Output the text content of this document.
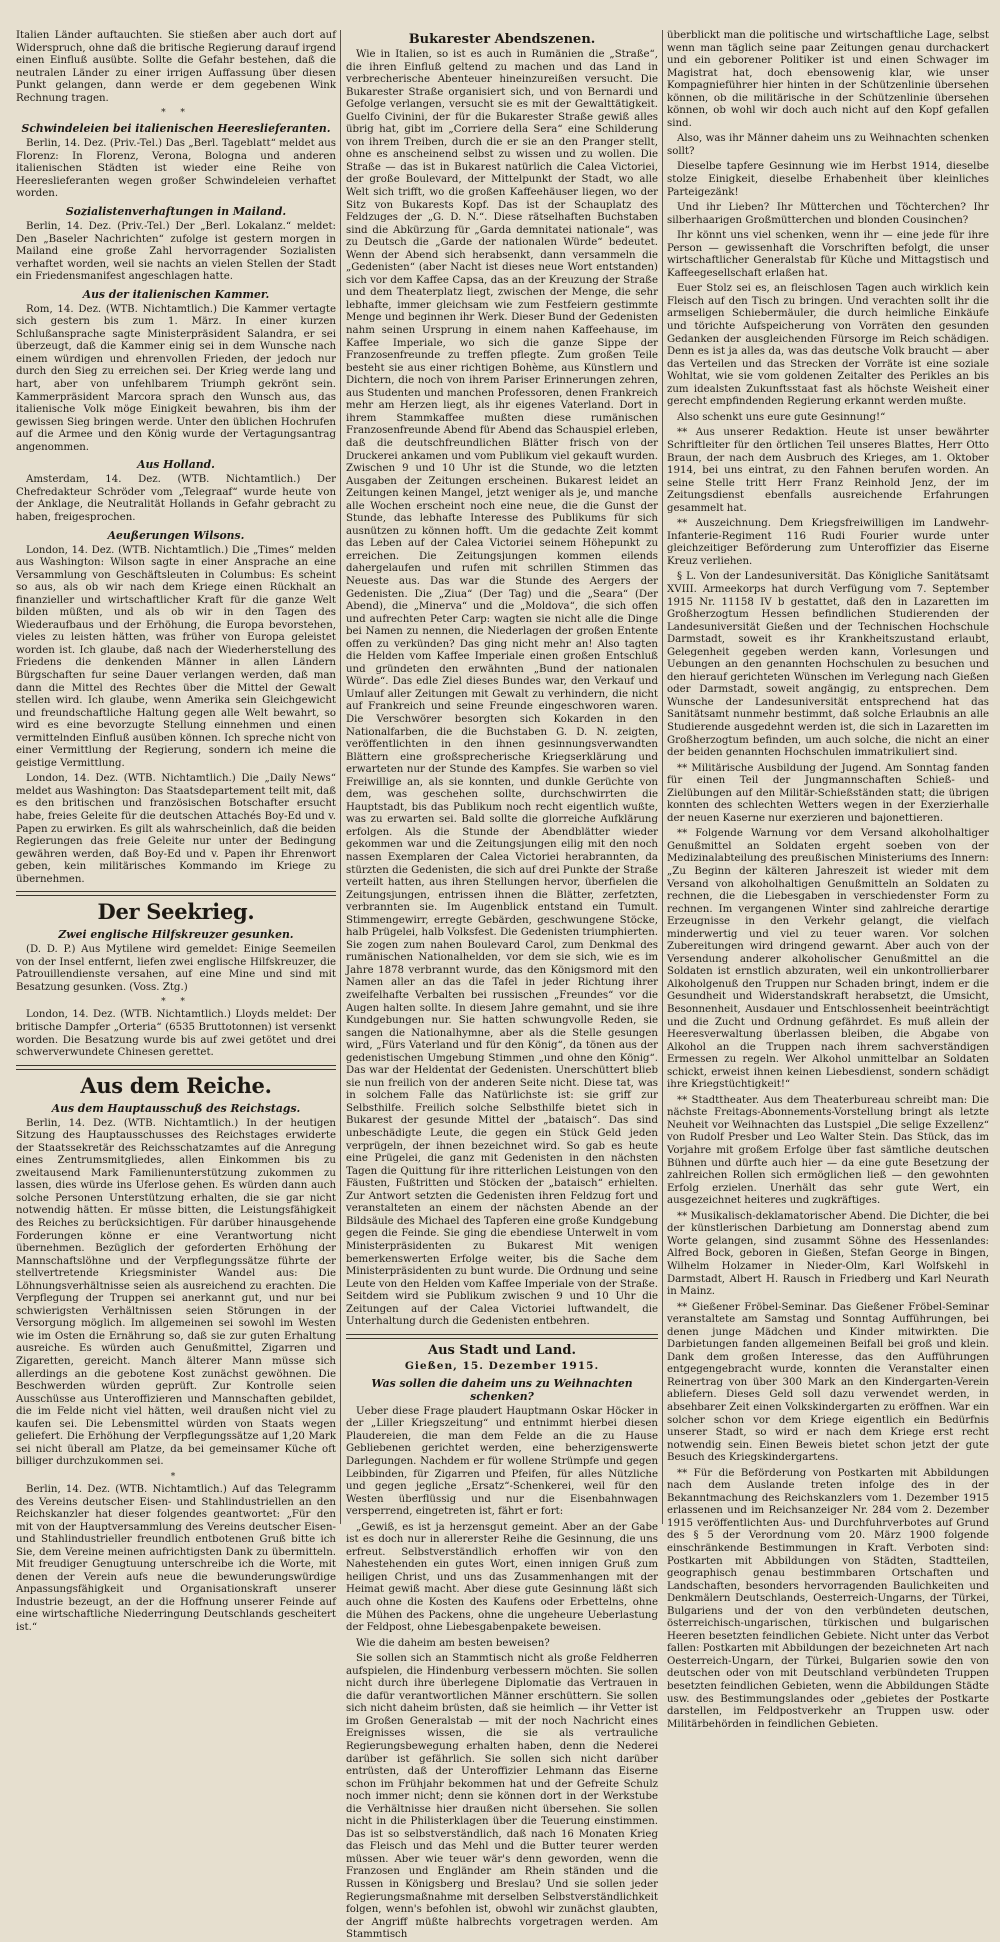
Italien Länder auftauchten. Sie stießen aber auch dort auf Widerspruch, ohne daß die britische Regierung darauf irgend einen Einfluß ausübte. Sollte die Gefahr bestehen, daß die neutralen Länder zu einer irrigen Auffassung über diesen Punkt gelangen, dann werde er dem gegebenen Wink Rechnung tragen.

* *
Schwindeleien bei italienischen Heereslieferanten.

Berlin, 14. Dez. (Priv.-Tel.) Das „Berl. Tageblatt“ meldet aus Florenz: In Florenz, Verona, Bologna und anderen italienischen Städten ist wieder eine Reihe von Heereslieferanten wegen großer Schwindeleien verhaftet worden.

Sozialistenverhaftungen in Mailand.

Berlin, 14. Dez. (Priv.-Tel.) Der „Berl. Lokalanz.“ meldet: Den „Baseler Nachrichten“ zufolge ist gestern morgen in Mailand eine große Zahl hervorragender Sozialisten verhaftet worden, weil sie nachts an vielen Stellen der Stadt ein Friedensmanifest angeschlagen hatte.

Aus der italienischen Kammer.

Rom, 14. Dez. (WTB. Nichtamtlich.) Die Kammer vertagte sich gestern bis zum 1. März. In einer kurzen Schlußansprache sagte Ministerpräsident Salandra, er sei überzeugt, daß die Kammer einig sei in dem Wunsche nach einem würdigen und ehrenvollen Frieden, der jedoch nur durch den Sieg zu erreichen sei. Der Krieg werde lang und hart, aber von unfehlbarem Triumph gekrönt sein. Kammerpräsident Marcora sprach den Wunsch aus, das italienische Volk möge Einigkeit bewahren, bis ihm der gewissen Sieg bringen werde. Unter den üblichen Hochrufen auf die Armee und den König wurde der Vertagungsantrag angenommen.

Aus Holland.

Amsterdam, 14. Dez. (WTB. Nichtamtlich.) Der Chefredakteur Schröder vom „Telegraaf“ wurde heute von der Anklage, die Neutralität Hollands in Gefahr gebracht zu haben, freigesprochen.

Aeußerungen Wilsons.

London, 14. Dez. (WTB. Nichtamtlich.) Die „Times“ melden aus Washington: Wilson sagte in einer Ansprache an eine Versammlung von Geschäftsleuten in Columbus: Es scheint so aus, als ob wir nach dem Kriege einen Rückhalt an finanzieller und wirtschaftlicher Kraft für die ganze Welt bilden müßten, und als ob wir in den Tagen des Wiederaufbaus und der Erhöhung, die Europa bevorstehen, vieles zu leisten hätten, was früher von Europa geleistet worden ist. Ich glaube, daß nach der Wiederherstellung des Friedens die denkenden Männer in allen Ländern Bürgschaften fur seine Dauer verlangen werden, daß man dann die Mittel des Rechtes über die Mittel der Gewalt stellen wird. Ich glaube, wenn Amerika sein Gleichgewicht und freundschaftliche Haltung gegen alle Welt bewahrt, so wird es eine bevorzugte Stellung einnehmen und einen vermittelnden Einfluß ausüben können. Ich spreche nicht von einer Vermittlung der Regierung, sondern ich meine die geistige Vermittlung.

London, 14. Dez. (WTB. Nichtamtlich.) Die „Daily News“ meldet aus Washington: Das Staatsdepartement teilt mit, daß es den britischen und französischen Botschafter ersucht habe, freies Geleite für die deutschen Attachés Boy-Ed und v. Papen zu erwirken. Es gilt als wahrscheinlich, daß die beiden Regierungen das freie Geleite nur unter der Bedingung gewähren werden, daß Boy-Ed und v. Papen ihr Ehrenwort geben, kein militärisches Kommando im Kriege zu übernehmen.

Der Seekrieg.
Zwei englische Hilfskreuzer gesunken.

(D. D. P.) Aus Mytilene wird gemeldet: Einige Seemeilen von der Insel entfernt, liefen zwei englische Hilfskreuzer, die Patrouillendienste versahen, auf eine Mine und sind mit Besatzung gesunken. (Voss. Ztg.)

* *

London, 14. Dez. (WTB. Nichtamtlich.) Lloyds meldet: Der britische Dampfer „Orteria“ (6535 Bruttotonnen) ist versenkt worden. Die Besatzung wurde bis auf zwei getötet und drei schwerverwundete Chinesen gerettet.

Aus dem Reiche.
Aus dem Hauptausschuß des Reichstags.

Berlin, 14. Dez. (WTB. Nichtamtlich.) In der heutigen Sitzung des Hauptausschusses des Reichstages erwiderte der Staatssekretär des Reichsschatzamtes auf die Anregung eines Zentrumsmitgliedes, allen Einkommen bis zu zweitausend Mark Familienunterstützung zukommen zu lassen, dies würde ins Uferlose gehen. Es würden dann auch solche Personen Unterstützung erhalten, die sie gar nicht notwendig hätten. Er müsse bitten, die Leistungsfähigkeit des Reiches zu berücksichtigen. Für darüber hinausgehende Forderungen könne er eine Verantwortung nicht übernehmen. Bezüglich der geforderten Erhöhung der Mannschaftslöhne und der Verpflegungssätze führte der stellvertretende Kriegsminister Wandel aus: Die Löhnungsverhältnisse seien als ausreichend zu erachten. Die Verpflegung der Truppen sei anerkannt gut, und nur bei schwierigsten Verhältnissen seien Störungen in der Versorgung möglich. Im allgemeinen sei sowohl im Westen wie im Osten die Ernährung so, daß sie zur guten Erhaltung ausreiche. Es würden auch Genußmittel, Zigarren und Zigaretten, gereicht. Manch älterer Mann müsse sich allerdings an die gebotene Kost zunächst gewöhnen. Die Beschwerden würden geprüft. Zur Kontrolle seien Ausschüsse aus Unteroffizieren und Mannschaften gebildet, die im Felde nicht viel hätten, weil draußen nicht viel zu kaufen sei. Die Lebensmittel würden von Staats wegen geliefert. Die Erhöhung der Verpflegungssätze auf 1,20 Mark sei nicht überall am Platze, da bei gemeinsamer Küche oft billiger durchzukommen sei.

*

Berlin, 14. Dez. (WTB. Nichtamtlich.) Auf das Telegramm des Vereins deutscher Eisen- und Stahlindustriellen an den Reichskanzler hat dieser folgendes geantwortet: „Für den mit von der Hauptversammlung des Vereins deutscher Eisen- und Stahlindustrieller freundlich entbotenen Gruß bitte ich Sie, dem Vereine meinen aufrichtigsten Dank zu übermitteln. Mit freudiger Genugtuung unterschreibe ich die Worte, mit denen der Verein aufs neue die bewunderungswürdige Anpassungsfähigkeit und Organisationskraft unserer Industrie bezeugt, an der die Hoffnung unserer Feinde auf eine wirtschaftliche Niederringung Deutschlands gescheitert ist.“

Bukarester Abendszenen.

Wie in Italien, so ist es auch in Rumänien die „Straße“, die ihren Einfluß geltend zu machen und das Land in verbrecherische Abenteuer hineinzureißen versucht. Die Bukarester Straße organisiert sich, und von Bernardi und Gefolge verlangen, versucht sie es mit der Gewalttätigkeit. Guelfo Civinini, der für die Bukarester Straße gewiß alles übrig hat, gibt im „Corriere della Sera“ eine Schilderung von ihrem Treiben, durch die er sie an den Pranger stellt, ohne es anscheinend selbst zu wissen und zu wollen. Die Straße — das ist in Bukarest natürlich die Calea Victoriei, der große Boulevard, der Mittelpunkt der Stadt, wo alle Welt sich trifft, wo die großen Kaffeehäuser liegen, wo der Sitz von Bukarests Kopf. Das ist der Schauplatz des Feldzuges der „G. D. N.“. Diese rätselhaften Buchstaben sind die Abkürzung für „Garda demnitatei nationale“, was zu Deutsch die „Garde der nationalen Würde“ bedeutet. Wenn der Abend sich herabsenkt, dann versammeln die „Gedenisten“ (aber Nacht ist dieses neue Wort entstanden) sich vor dem Kaffee Capsa, das an der Kreuzung der Straße und dem Theaterplatz liegt, zwischen der Menge, die sehr lebhafte, immer gleichsam wie zum Festfeiern gestimmte Menge und beginnen ihr Werk. Dieser Bund der Gedenisten nahm seinen Ursprung in einem nahen Kaffeehause, im Kaffee Imperiale, wo sich die ganze Sippe der Franzosenfreunde zu treffen pflegte. Zum großen Teile besteht sie aus einer richtigen Bohème, aus Künstlern und Dichtern, die noch von ihrem Pariser Erinnerungen zehren, aus Studenten und manchen Professoren, denen Frankreich mehr am Herzen liegt, als ihr eigenes Vaterland. Dort in ihrem Stammkaffee mußten diese rumänischen Franzosenfreunde Abend für Abend das Schauspiel erleben, daß die deutschfreundlichen Blätter frisch von der Druckerei ankamen und vom Publikum viel gekauft wurden. Zwischen 9 und 10 Uhr ist die Stunde, wo die letzten Ausgaben der Zeitungen erscheinen. Bukarest leidet an Zeitungen keinen Mangel, jetzt weniger als je, und manche alle Wochen erscheint noch eine neue, die die Gunst der Stunde, das lebhafte Interesse des Publikums für sich ausnützen zu können hofft. Um die gedachte Zeit kommt das Leben auf der Calea Victoriei seinem Höhepunkt zu erreichen. Die Zeitungsjungen kommen eilends dahergelaufen und rufen mit schrillen Stimmen das Neueste aus. Das war die Stunde des Aergers der Gedenisten. Die „Ziua“ (Der Tag) und die „Seara“ (Der Abend), die „Minerva“ und die „Moldova“, die sich offen und aufrechten Peter Carp: wagten sie nicht alle die Dinge bei Namen zu nennen, die Niederlagen der großen Entente offen zu verkünden? Das ging nicht mehr an! Also tagten die Helden vom Kaffee Imperiale einen großen Entschluß und gründeten den erwähnten „Bund der nationalen Würde“. Das edle Ziel dieses Bundes war, den Verkauf und Umlauf aller Zeitungen mit Gewalt zu verhindern, die nicht auf Frankreich und seine Freunde eingeschworen waren. Die Verschwörer besorgten sich Kokarden in den Nationalfarben, die die Buchstaben G. D. N. zeigten, veröffentlichten in den ihnen gesinnungsverwandten Blättern eine großsprecherische Kriegserklärung und erwarteten nur der Stunde des Kampfes. Sie warben so viel Freiwillige an, als sie konnten, und dunkle Gerüchte von dem, was geschehen sollte, durchschwirrten die Hauptstadt, bis das Publikum noch recht eigentlich wußte, was zu erwarten sei. Bald sollte die glorreiche Aufklärung erfolgen. Als die Stunde der Abendblätter wieder gekommen war und die Zeitungsjungen eilig mit den noch nassen Exemplaren der Calea Victoriei herabrannten, da stürzten die Gedenisten, die sich auf drei Punkte der Straße verteilt hatten, aus ihren Stellungen hervor, überfielen die Zeitungsjungen, entrissen ihnen die Blätter, zerfetzten, verbrannten sie. Im Augenblick entstand ein Tumult. Stimmengewirr, erregte Gebärden, geschwungene Stöcke, halb Prügelei, halb Volksfest. Die Gedenisten triumphierten. Sie zogen zum nahen Boulevard Carol, zum Denkmal des rumänischen Nationalhelden, vor dem sie sich, wie es im Jahre 1878 verbrannt wurde, das den Königsmord mit den Namen aller an das die Tafel in jeder Richtung ihrer zweifelhafte Verbalten bei russischen „Freundes“ vor die Augen halten sollte. In diesem Jahre gemahnt, und sie ihre Kundgebungen nur. Sie hatten schwungvolle Reden, sie sangen die Nationalhymne, aber als die Stelle gesungen wird, „Fürs Vaterland und für den König“, da tönen aus der gedenistischen Umgebung Stimmen „und ohne den König“. Das war der Heldentat der Gedenisten. Unerschüttert blieb sie nun freilich von der anderen Seite nicht. Diese tat, was in solchem Falle das Natürlichste ist: sie griff zur Selbsthilfe. Freilich solche Selbsthilfe bietet sich in Bukarest der gesunde Mittel der „bataisch“. Das sind unbeschädigte Leute, die gegen ein Stück Geld jeden verprügeln, der ihnen bezeichnet wird. So gab es heute eine Prügelei, die ganz mit Gedenisten in den nächsten Tagen die Quittung für ihre ritterlichen Leistungen von den Fäusten, Fußtritten und Stöcken der „bataisch“ erhielten. Zur Antwort setzten die Gedenisten ihren Feldzug fort und veranstalteten an einem der nächsten Abende an der Bildsäule des Michael des Tapferen eine große Kundgebung gegen die Feinde. Sie ging die ebendiese Unterwelt in vom Ministerpräsidenten zu Bukarest Mit wenigen bemerkenswerten Erfolge weiter, bis die Sache dem Ministerpräsidenten zu bunt wurde. Die Ordnung und seine Leute von den Helden vom Kaffee Imperiale von der Straße. Seitdem wird sie Publikum zwischen 9 und 10 Uhr die Zeitungen auf der Calea Victoriei luftwandelt, die Unterhaltung durch die Gedenisten entbehren.

Aus Stadt und Land.
Gießen, 15. Dezember 1915.
Was sollen die daheim uns zu Weihnachten schenken?

Ueber diese Frage plaudert Hauptmann Oskar Höcker in der „Liller Kriegszeitung“ und entnimmt hierbei diesen Plaudereien, die man dem Felde an die zu Hause Gebliebenen gerichtet werden, eine beherzigenswerte Darlegungen. Nachdem er für wollene Strümpfe und gegen Leibbinden, für Zigarren und Pfeifen, für alles Nützliche und gegen jegliche „Ersatz“-Schenkerei, weil für den Westen überflüssig und nur die Eisenbahnwagen versperrend, eingetreten ist, fährt er fort:

„Gewiß, es ist ja herzensgut gemeint. Aber an der Gabe ist es doch nur in allererster Reihe die Gesinnung, die uns erfreut. Selbstverständlich erhoffen wir von den Nahestehenden ein gutes Wort, einen innigen Gruß zum heiligen Christ, und uns das Zusammenhangen mit der Heimat gewiß macht. Aber diese gute Gesinnung läßt sich auch ohne die Kosten des Kaufens oder Erbettelns, ohne die Mühen des Packens, ohne die ungeheure Ueberlastung der Feldpost, ohne Liebesgabenpakete beweisen.

Wie die daheim am besten beweisen?

Sie sollen sich an Stammtisch nicht als große Feldherren aufspielen, die Hindenburg verbessern möchten. Sie sollen nicht durch ihre überlegene Diplomatie das Vertrauen in die dafür verantwortlichen Männer erschüttern. Sie sollen sich nicht daheim brüsten, daß sie heimlich — ihr Vetter ist im Großen Generalstab — mit der noch Nachricht eines Ereignisses wissen, die sie als vertrauliche Regierungsbewegung erhalten haben, denn die Nederei darüber ist gefährlich. Sie sollen sich nicht darüber entrüsten, daß der Unteroffizier Lehmann das Eiserne schon im Frühjahr bekommen hat und der Gefreite Schulz noch immer nicht; denn sie können dort in der Werkstube die Verhältnisse hier draußen nicht übersehen. Sie sollen nicht in die Philisterklagen über die Teuerung einstimmen. Das ist so selbstverständlich, daß nach 16 Monaten Krieg das Fleisch und das Mehl und die Butter teurer werden müssen. Aber wie teuer wär's denn geworden, wenn die Franzosen und Engländer am Rhein ständen und die Russen in Königsberg und Breslau? Und sie sollen jeder Regierungsmaßnahme mit derselben Selbstverständlichkeit folgen, wenn's befohlen ist, obwohl wir zunächst glaubten, der Angriff müßte halbrechts vorgetragen werden. Am Stammtisch

überblickt man die politische und wirtschaftliche Lage, selbst wenn man täglich seine paar Zeitungen genau durchackert und ein geborener Politiker ist und einen Schwager im Magistrat hat, doch ebensowenig klar, wie unser Kompagnieführer hier hinten in der Schützenlinie übersehen können, ob die militärische in der Schützenlinie übersehen können, ob wohl wir doch auch nicht auf den Kopf gefallen sind.

Also, was ihr Männer daheim uns zu Weihnachten schenken sollt?

Dieselbe tapfere Gesinnung wie im Herbst 1914, dieselbe stolze Einigkeit, dieselbe Erhabenheit über kleinliches Parteigezänk!

Und ihr Lieben? Ihr Mütterchen und Töchterchen? Ihr silberhaarigen Großmütterchen und blonden Cousinchen?

Ihr könnt uns viel schenken, wenn ihr — eine jede für ihre Person — gewissenhaft die Vorschriften befolgt, die unser wirtschaftlicher Generalstab für Küche und Mittagstisch und Kaffeegesellschaft erlaßen hat.

Euer Stolz sei es, an fleischlosen Tagen auch wirklich kein Fleisch auf den Tisch zu bringen. Und verachten sollt ihr die armseligen Schiebermäuler, die durch heimliche Einkäufe und törichte Aufspeicherung von Vorräten den gesunden Gedanken der ausgleichenden Fürsorge im Reich schädigen. Denn es ist ja alles da, was das deutsche Volk braucht — aber das Verteilen und das Strecken der Vorräte ist eine soziale Wohltat, wie sie vom goldenen Zeitalter des Perikles an bis zum idealsten Zukunftsstaat fast als höchste Weisheit einer gerecht empfindenden Regierung erkannt werden mußte.

Also schenkt uns eure gute Gesinnung!“

** Aus unserer Redaktion. Heute ist unser bewährter Schriftleiter für den örtlichen Teil unseres Blattes, Herr Otto Braun, der nach dem Ausbruch des Krieges, am 1. Oktober 1914, bei uns eintrat, zu den Fahnen berufen worden. An seine Stelle tritt Herr Franz Reinhold Jenz, der im Zeitungsdienst ebenfalls ausreichende Erfahrungen gesammelt hat.

** Auszeichnung. Dem Kriegsfreiwilligen im Landwehr-Infanterie-Regiment 116 Rudi Fourier wurde unter gleichzeitiger Beförderung zum Unteroffizier das Eiserne Kreuz verliehen.

§ L. Von der Landesuniversität. Das Königliche Sanitätsamt XVIII. Armeekorps hat durch Verfügung vom 7. September 1915 Nr. 11158 IV b gestattet, daß den in Lazaretten im Großherzogtum Hessen befindlichen Studierenden der Landesuniversität Gießen und der Technischen Hochschule Darmstadt, soweit es ihr Krankheitszustand erlaubt, Gelegenheit gegeben werden kann, Vorlesungen und Uebungen an den genannten Hochschulen zu besuchen und den hierauf gerichteten Wünschen im Verlegung nach Gießen oder Darmstadt, soweit angängig, zu entsprechen. Dem Wunsche der Landesuniversität entsprechend hat das Sanitätsamt nunmehr bestimmt, daß solche Erlaubnis an alle Studierende ausgedehnt werden ist, die sich in Lazaretten im Großherzogtum befinden, um auch solche, die nicht an einer der beiden genannten Hochschulen immatrikuliert sind.

** Militärische Ausbildung der Jugend. Am Sonntag fanden für einen Teil der Jungmannschaften Schieß- und Zielübungen auf den Militär-Schießständen statt; die übrigen konnten des schlechten Wetters wegen in der Exerzierhalle der neuen Kaserne nur exerzieren und bajonettieren.

** Folgende Warnung vor dem Versand alkoholhaltiger Genußmittel an Soldaten ergeht soeben von der Medizinalabteilung des preußischen Ministeriums des Innern: „Zu Beginn der kälteren Jahreszeit ist wieder mit dem Versand von alkoholhaltigen Genußmitteln an Soldaten zu rechnen, die die Liebesgaben in verschiedenster Form zu rechnen. Im vergangenen Winter sind zahlreiche derartige Erzeugnisse in den Verkehr gelangt, die vielfach minderwertig und viel zu teuer waren. Vor solchen Zubereitungen wird dringend gewarnt. Aber auch von der Versendung anderer alkoholischer Genußmittel an die Soldaten ist ernstlich abzuraten, weil ein unkontrollierbarer Alkoholgenuß den Truppen nur Schaden bringt, indem er die Gesundheit und Widerstandskraft herabsetzt, die Umsicht, Besonnenheit, Ausdauer und Entschlossenheit beeinträchtigt und die Zucht und Ordnung gefährdet. Es muß allein der Heeresverwaltung überlassen bleiben, die Abgabe von Alkohol an die Truppen nach ihrem sachverständigen Ermessen zu regeln. Wer Alkohol unmittelbar an Soldaten schickt, erweist ihnen keinen Liebesdienst, sondern schädigt ihre Kriegstüchtigkeit!“

** Stadttheater. Aus dem Theaterbureau schreibt man: Die nächste Freitags-Abonnements-Vorstellung bringt als letzte Neuheit vor Weihnachten das Lustspiel „Die selige Exzellenz“ von Rudolf Presber und Leo Walter Stein. Das Stück, das im Vorjahre mit großem Erfolge über fast sämtliche deutschen Bühnen und dürfte auch hier — da eine gute Besetzung der zahlreichen Rollen sich ermöglichen ließ — den gewohnten Erfolg erzielen. Unerhält das sehr gute Wert, ein ausgezeichnet heiteres und zugkräftiges.

** Musikalisch-deklamatorischer Abend. Die Dichter, die bei der künstlerischen Darbietung am Donnerstag abend zum Worte gelangen, sind zusammt Söhne des Hessenlandes: Alfred Bock, geboren in Gießen, Stefan George in Bingen, Wilhelm Holzamer in Nieder-Olm, Karl Wolfskehl in Darmstadt, Albert H. Rausch in Friedberg und Karl Neurath in Mainz.

** Gießener Fröbel-Seminar. Das Gießener Fröbel-Seminar veranstaltete am Samstag und Sonntag Aufführungen, bei denen junge Mädchen und Kinder mitwirkten. Die Darbietungen fanden allgemeinen Beifall bei groß und klein. Dank dem großen Interesse, das den Aufführungen entgegengebracht wurde, konnten die Veranstalter einen Reinertrag von über 300 Mark an den Kindergarten-Verein abliefern. Dieses Geld soll dazu verwendet werden, in absehbarer Zeit einen Volkskindergarten zu eröffnen. War ein solcher schon vor dem Kriege eigentlich ein Bedürfnis unserer Stadt, so wird er nach dem Kriege erst recht notwendig sein. Einen Beweis bietet schon jetzt der gute Besuch des Kriegskindergartens.

** Für die Beförderung von Postkarten mit Abbildungen nach dem Auslande treten infolge des in der Bekanntmachung des Reichskanzlers vom 1. Dezember 1915 erlassenen und im Reichsanzeiger Nr. 284 vom 2. Dezember 1915 veröffentlichten Aus- und Durchfuhrverbotes auf Grund des § 5 der Verordnung vom 20. März 1900 folgende einschränkende Bestimmungen in Kraft. Verboten sind: Postkarten mit Abbildungen von Städten, Stadtteilen, geographisch genau bestimmbaren Ortschaften und Landschaften, besonders hervorragenden Baulichkeiten und Denkmälern Deutschlands, Oesterreich-Ungarns, der Türkei, Bulgariens und der von den verbündeten deutschen, österreichisch-ungarischen, türkischen und bulgarischen Heeren besetzten feindlichen Gebiete. Nicht unter das Verbot fallen: Postkarten mit Abbildungen der bezeichneten Art nach Oesterreich-Ungarn, der Türkei, Bulgarien sowie den von deutschen oder von mit Deutschland verbündeten Truppen besetzten feindlichen Gebieten, wenn die Abbildungen Städte usw. des Bestimmungslandes oder „gebietes der Postkarte darstellen, im Feldpostverkehr an Truppen usw. oder Militärbehörden in feindlichen Gebieten.
